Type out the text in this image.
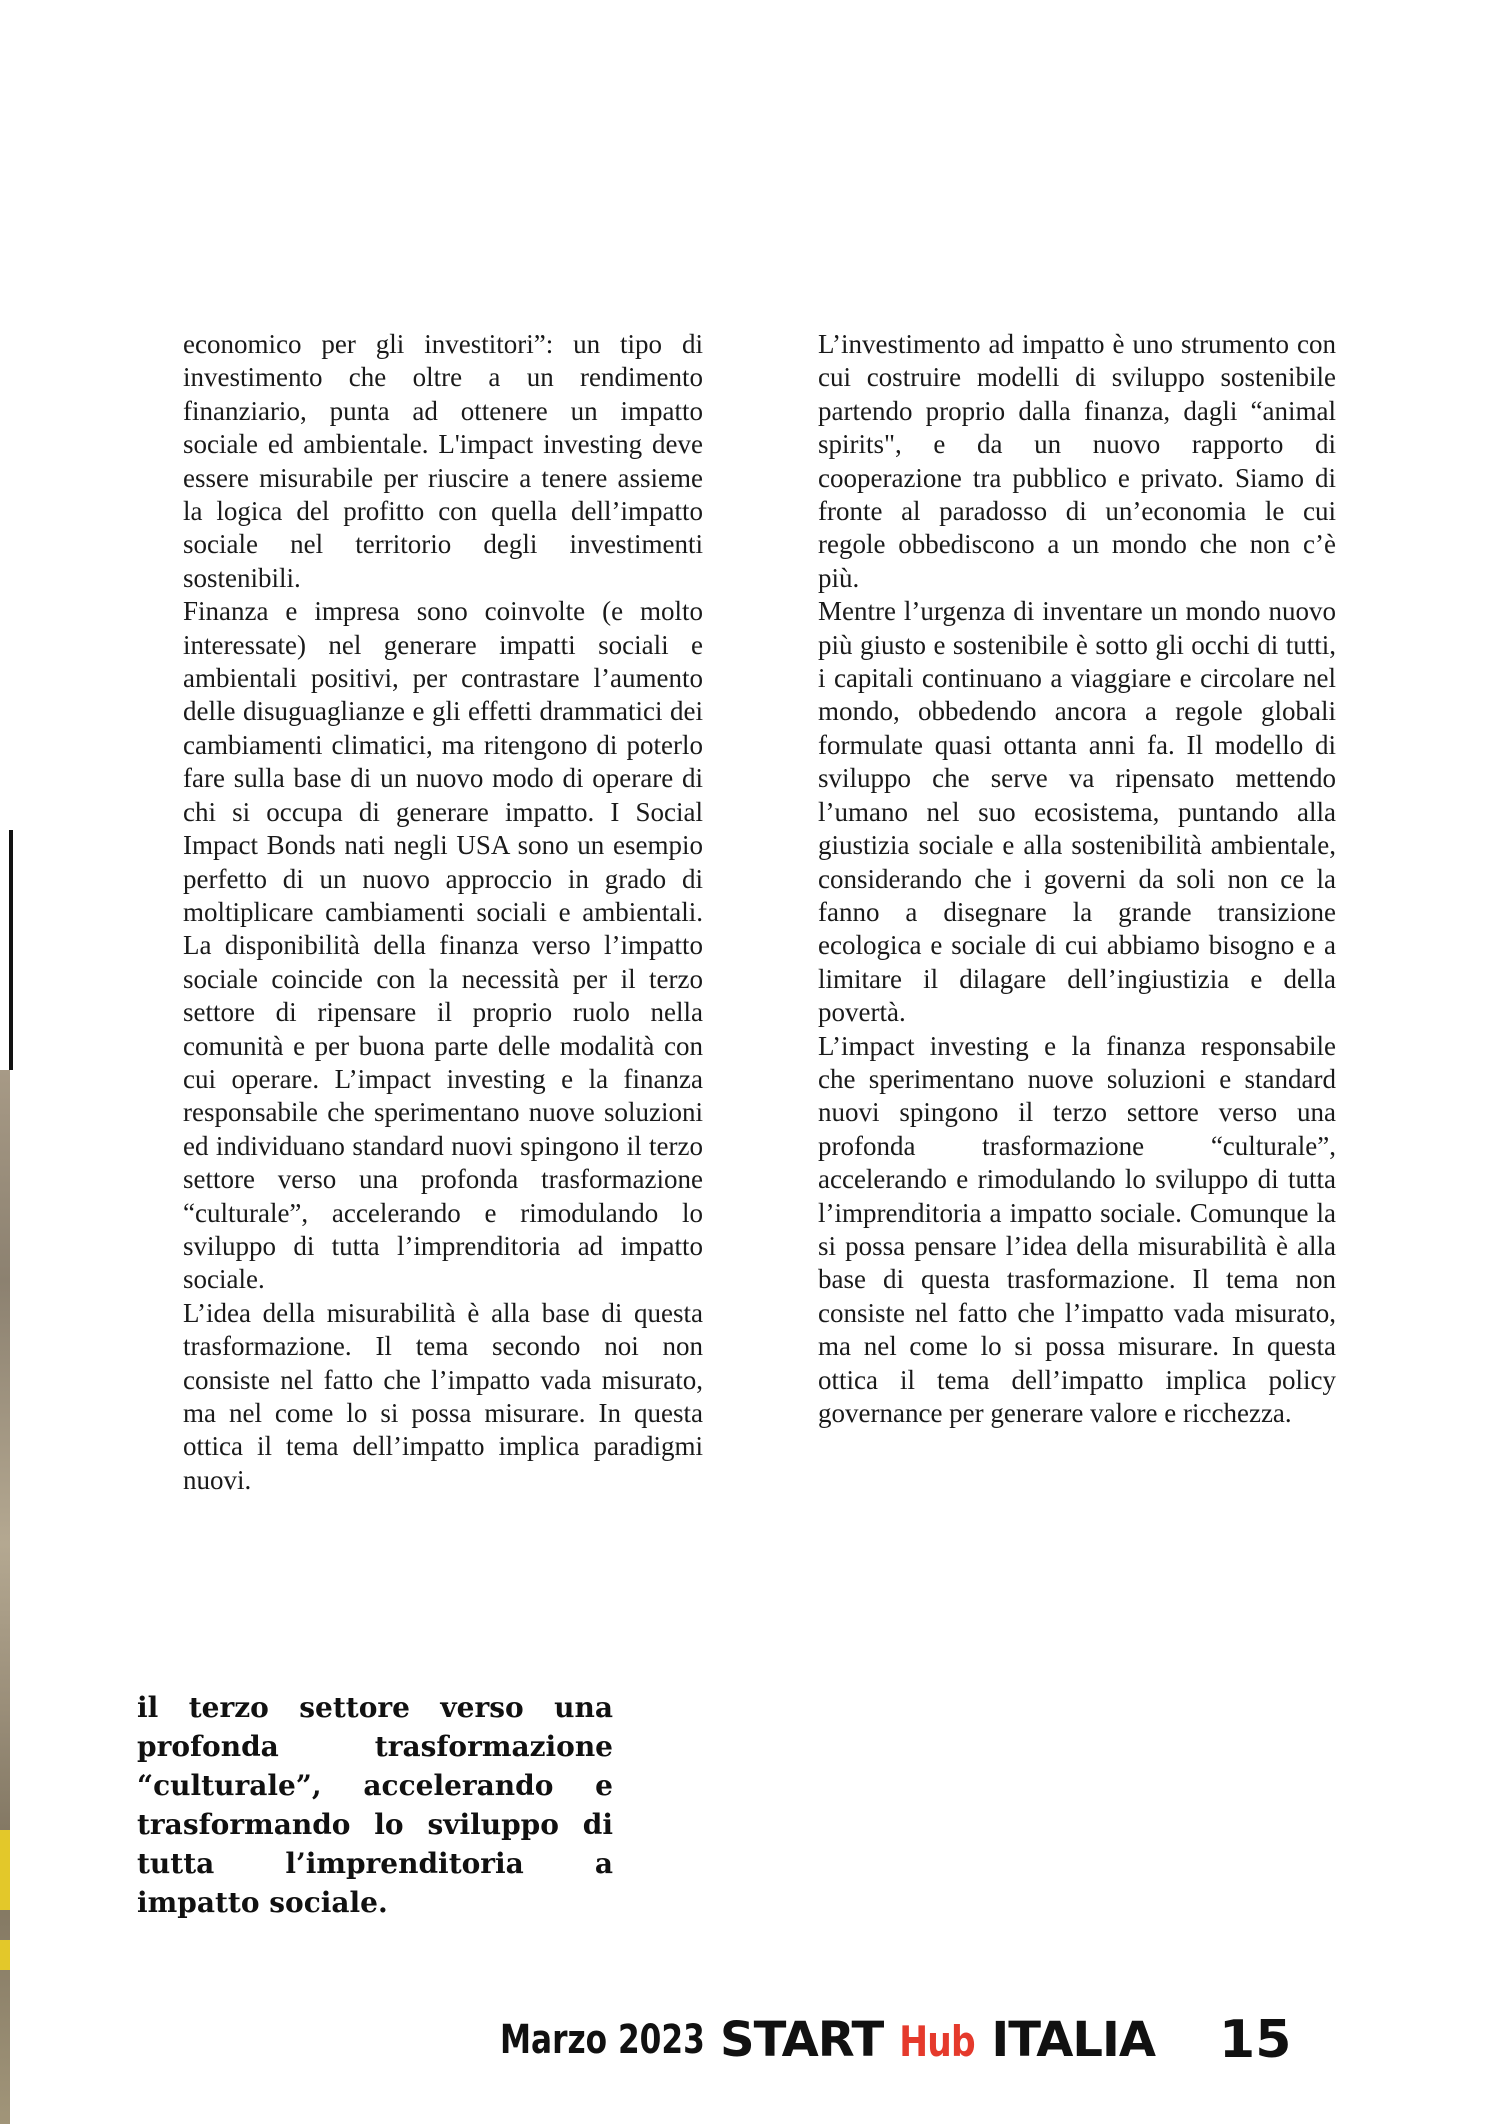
economico per gli investitori”: un tipo di investimento che oltre a un rendimento finanziario, punta ad ottenere un impatto sociale ed ambientale. L'impact investing deve essere misurabile per riuscire a tenere assieme la logica del profitto con quella dell’impatto sociale nel territorio degli investimenti sostenibili.

Finanza e impresa sono coinvolte (e molto interessate) nel generare impatti sociali e ambientali positivi, per contrastare l’aumento delle disuguaglianze e gli effetti drammatici dei cambiamenti climatici, ma ritengono di poterlo fare sulla base di un nuovo modo di operare di chi si occupa di generare impatto. I Social Impact Bonds nati negli USA sono un esempio perfetto di un nuovo approccio in grado di moltiplicare cambiamenti sociali e ambientali. La disponibilità della finanza verso l’impatto sociale coincide con la necessità per il terzo settore di ripensare il proprio ruolo nella comunità e per buona parte delle modalità con cui operare. L’impact investing e la finanza responsabile che sperimentano nuove soluzioni ed individuano standard nuovi spingono il terzo settore verso una profonda trasformazione “culturale”, accelerando e rimodulando lo sviluppo di tutta l’imprenditoria ad impatto sociale.

L’idea della misurabilità è alla base di questa trasformazione. Il tema secondo noi non consiste nel fatto che l’impatto vada misurato, ma nel come lo si possa misurare. In questa ottica il tema dell’impatto implica paradigmi nuovi.

L’investimento ad impatto è uno strumento con cui costruire modelli di sviluppo sostenibile partendo proprio dalla finanza, dagli “animal spirits", e da un nuovo rapporto di cooperazione tra pubblico e privato. Siamo di fronte al paradosso di un’economia le cui regole obbediscono a un mondo che non c’è più.

Mentre l’urgenza di inventare un mondo nuovo più giusto e sostenibile è sotto gli occhi di tutti, i capitali continuano a viaggiare e circolare nel mondo, obbedendo ancora a regole globali formulate quasi ottanta anni fa. Il modello di sviluppo che serve va ripensato mettendo l’umano nel suo ecosistema, puntando alla giustizia sociale e alla sostenibilità ambientale, considerando che i governi da soli non ce la fanno a disegnare la grande transizione ecologica e sociale di cui abbiamo bisogno e a limitare il dilagare dell’ingiustizia e della povertà.

L’impact investing e la finanza responsabile che sperimentano nuove soluzioni e standard nuovi spingono il terzo settore verso una profonda trasformazione “culturale”, accelerando e rimodulando lo sviluppo di tutta l’imprenditoria a impatto sociale. Comunque la si possa pensare l’idea della misurabilità è alla base di questa trasformazione. Il tema non consiste nel fatto che l’impatto vada misurato, ma nel come lo si possa misurare. In questa ottica il tema dell’impatto implica policy governance per generare valore e ricchezza.

il terzo settore verso una profonda trasformazione “culturale”, accelerando e trasformando lo sviluppo di tutta l’imprenditoria a impatto sociale.
Marzo 2023 START Hub ITALIA 15
